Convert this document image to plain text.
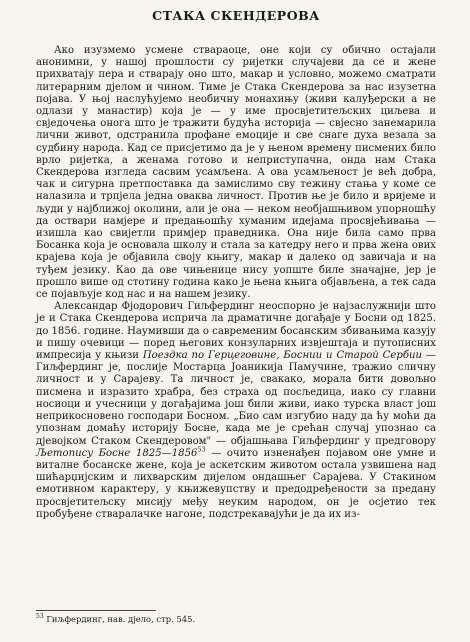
СТАКА СКЕНДЕРОВА

Ако изузмемо усмене ствараоце, оне који су обично остајали анонимни, у нашој прошлости су ријетки случајеви да се и жене прихватају пера и стварају оно што, макар и условно, можемо сматрати литерарним дјелом и чином. Тиме је Стака Скендерова за нас изузетна појава. У њој наслућујемо необичну монахињу (живи калуђерски а не одлази у манастир) која је — у име просвјетитељских циљева и свједочења онога што је тражити будућа историја — свјесно занемарила лични живот, одстранила профане емоције и све снаге духа везала за судбину народа. Кад се присјетимо да је у њеном времену писмених било врло ријетка, а женама готово и неприступачна, онда нам Стака Скендерова изгледа сасвим усамљена. А ова усамљеност је већ добра, чак и сигурна претпоставка да замислимо сву тежину стања у коме се налазила и трпјела једна оваква личност. Против ње је било и вријеме и људи у најближој околини, али је она — неком необјашњивом упорношћу да оствари намјере и предањошћу хуманим идејама просвјећивања — изишла као свијетли примјер праведника. Она није била само прва Босанка која је основала школу и стала за катедру него и прва жена ових крајева која је објавила своју књигу, макар и далеко од завичаја и на туђем језику. Као да ове чињенице нису уопште биле значајне, јер је прошло више од стотину година како је њена књига објављена, а тек сада се појављује код нас и на нашем језику.

Александар Фјодорович Гиљфердинг неоспорно је најзаслужнији што је и Стака Скендерова исприча ла драматичне догађаје у Босни од 1825. до 1856. године. Наумивши да о савременим босанским збивањима казују и пишу очевици — поред његових конзуларних извјештаја и путописних импресија у књизи Поездка по Герцеговине, Боснии и Старой Сербии — Гиљфердинг је, послије Мостарца Јоаникија Памучине, тражио сличну личност и у Сарајеву. Та личност је, свакако, морала бити довољно писмена и изразито храбра, без страха од посљедица, иако су главни носиоци и учесници у догађајима још били живи, иако турска власт још неприкосновено господари Босном. „Био сам изгубио наду да ћу моћи да упознам домаћу историју Босне, када ме је срећан случај упознао са дјевојком Стаком Скендеровом" — објашњава Гиљфердинг у предговору Љетопису Босне 1825—1856$^{53}$ — очито изненађен појавом оне умне и виталне босанске жене, која је аскетским животом остала узвишена над шићарџијским и лихварским дијелом ондашњег Сарајева. У Стакином емотивном карактеру, у књижевупству и предодређености за предану просвјетитељску мисију међу неуким народом, он је осјетио тек пробуђене стваралачке нагоне, подстрекавајући је да их из-

$^{53}$ Гиљфердинг, нав. дјело, стр. 545.
